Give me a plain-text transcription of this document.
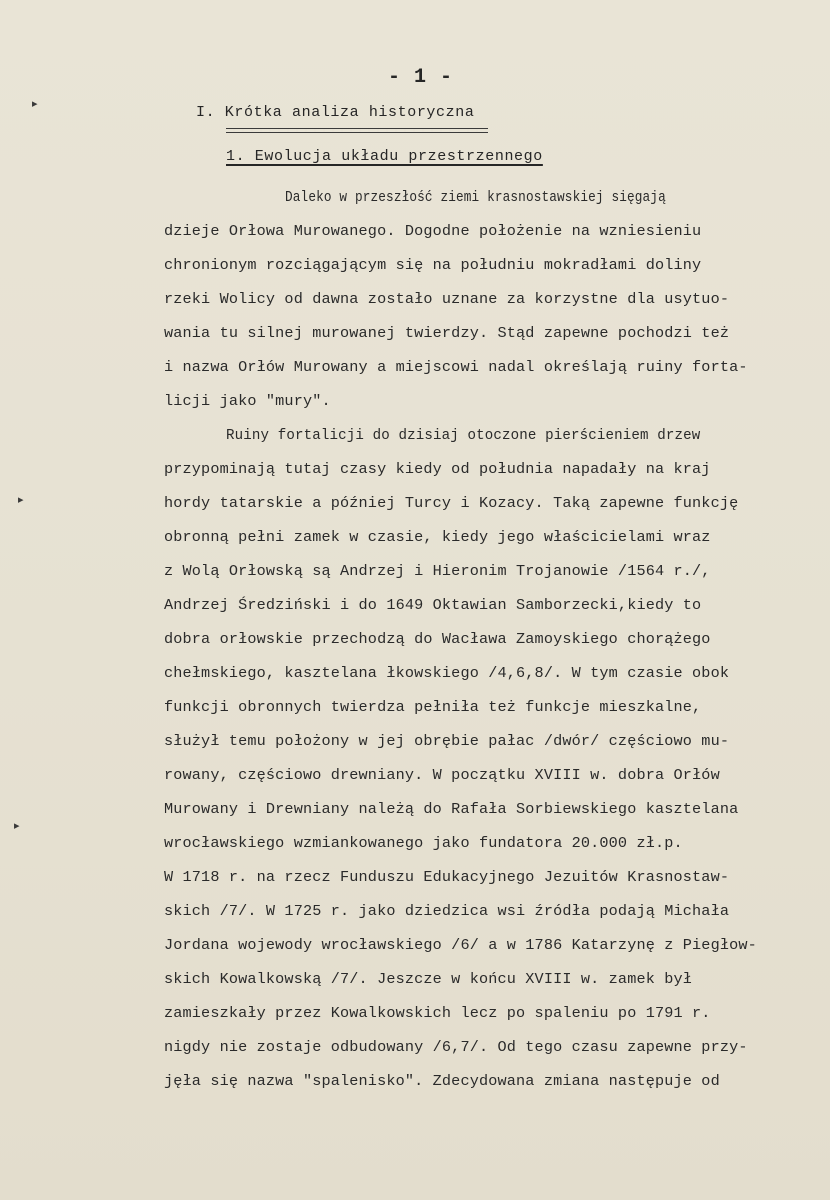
▸
▸
▸
- 1 -
I. Krótka analiza historyczna
1. Ewolucja układu przestrzennego
Daleko w przeszłość ziemi krasnostawskiej sięgają
dzieje Orłowa Murowanego. Dogodne położenie na wzniesieniu
chronionym rozciągającym się na południu mokradłami doliny
rzeki Wolicy od dawna zostało uznane za korzystne dla usytuo-
wania tu silnej murowanej twierdzy. Stąd zapewne pochodzi też
i nazwa Orłów Murowany a miejscowi nadal określają ruiny forta-
licji jako "mury".
Ruiny fortalicji do dzisiaj otoczone pierścieniem drzew
przypominają tutaj czasy kiedy od południa napadały na kraj
hordy tatarskie a później Turcy i Kozacy. Taką zapewne funkcję
obronną pełni zamek w czasie, kiedy jego właścicielami wraz
z Wolą Orłowską są Andrzej i Hieronim Trojanowie /1564 r./,
Andrzej Średziński i do 1649 Oktawian Samborzecki,kiedy to
dobra orłowskie przechodzą do Wacława Zamoyskiego chorążego
chełmskiego, kasztelana łkowskiego /4,6,8/. W tym czasie obok
funkcji obronnych twierdza pełniła też funkcje mieszkalne,
służył temu położony w jej obrębie pałac /dwór/ częściowo mu-
rowany, częściowo drewniany. W początku XVIII w. dobra Orłów
Murowany i Drewniany należą do Rafała Sorbiewskiego kasztelana
wrocławskiego wzmiankowanego jako fundatora 20.000 zł.p.
W 1718 r. na rzecz Funduszu Edukacyjnego Jezuitów Krasnostaw-
skich /7/. W 1725 r. jako dziedzica wsi źródła podają Michała
Jordana wojewody wrocławskiego /6/ a w 1786 Katarzynę z Piegłow-
skich Kowalkowską /7/. Jeszcze w końcu XVIII w. zamek był
zamieszkały przez Kowalkowskich lecz po spaleniu po 1791 r.
nigdy nie zostaje odbudowany /6,7/. Od tego czasu zapewne przy-
jęła się nazwa "spalenisko". Zdecydowana zmiana następuje od
